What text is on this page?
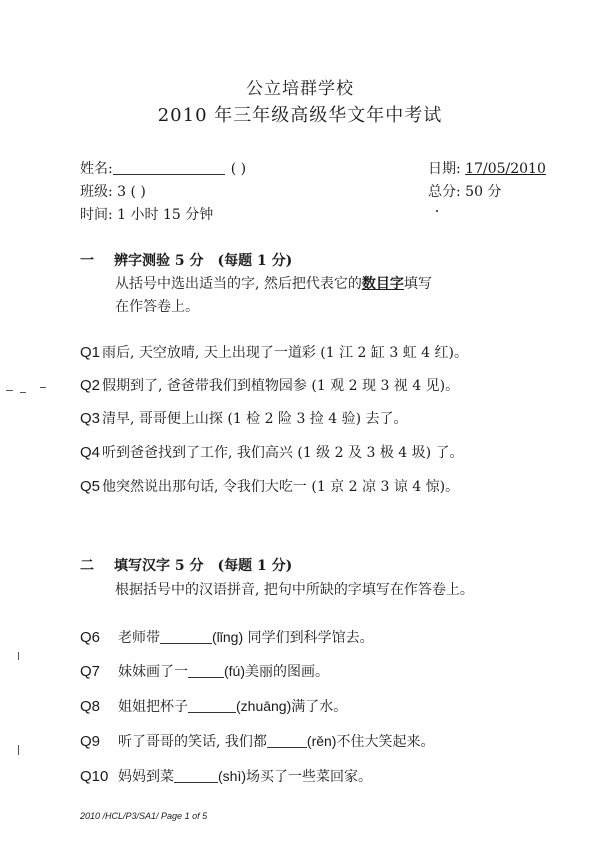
公立培群学校
2010 年三年级高级华文年中考试
姓名:	( )
班级: 3 ( )
时间: 1 小时 15 分钟
日期: 17/05/2010
总分: 50 分
一 辨字测验 5 分 (每题 1 分)
从括号中选出适当的字, 然后把代表它的数目字填写
在作答卷上。
Q1 雨后, 天空放晴, 天上出现了一道彩 (1 江 2 缸 3 虹 4 红)。
Q2 假期到了, 爸爸带我们到植物园参 (1 观 2 现 3 视 4 见)。
Q3 清早, 哥哥便上山探 (1 检 2 险 3 捡 4 验) 去了。
Q4 听到爸爸找到了工作, 我们高兴 (1 级 2 及 3 极 4 圾) 了。
Q5 他突然说出那句话, 令我们大吃一 (1 京 2 凉 3 谅 4 惊)。
二 填写汉字 5 分 (每题 1 分)
根据括号中的汉语拼音, 把句中所缺的字填写在作答卷上。
Q6 老师带	(lǐng) 同学们到科学馆去。
Q7 妹妹画了一	(fú)美丽的图画。
Q8 姐姐把杯子	(zhuāng)满了水。
Q9 听了哥哥的笑话, 我们都	(rěn)不住大笑起来。
Q10 妈妈到菜	(shì)场买了一些菜回家。
2010 /HCL/P3/SA1/ Page 1 of 5
